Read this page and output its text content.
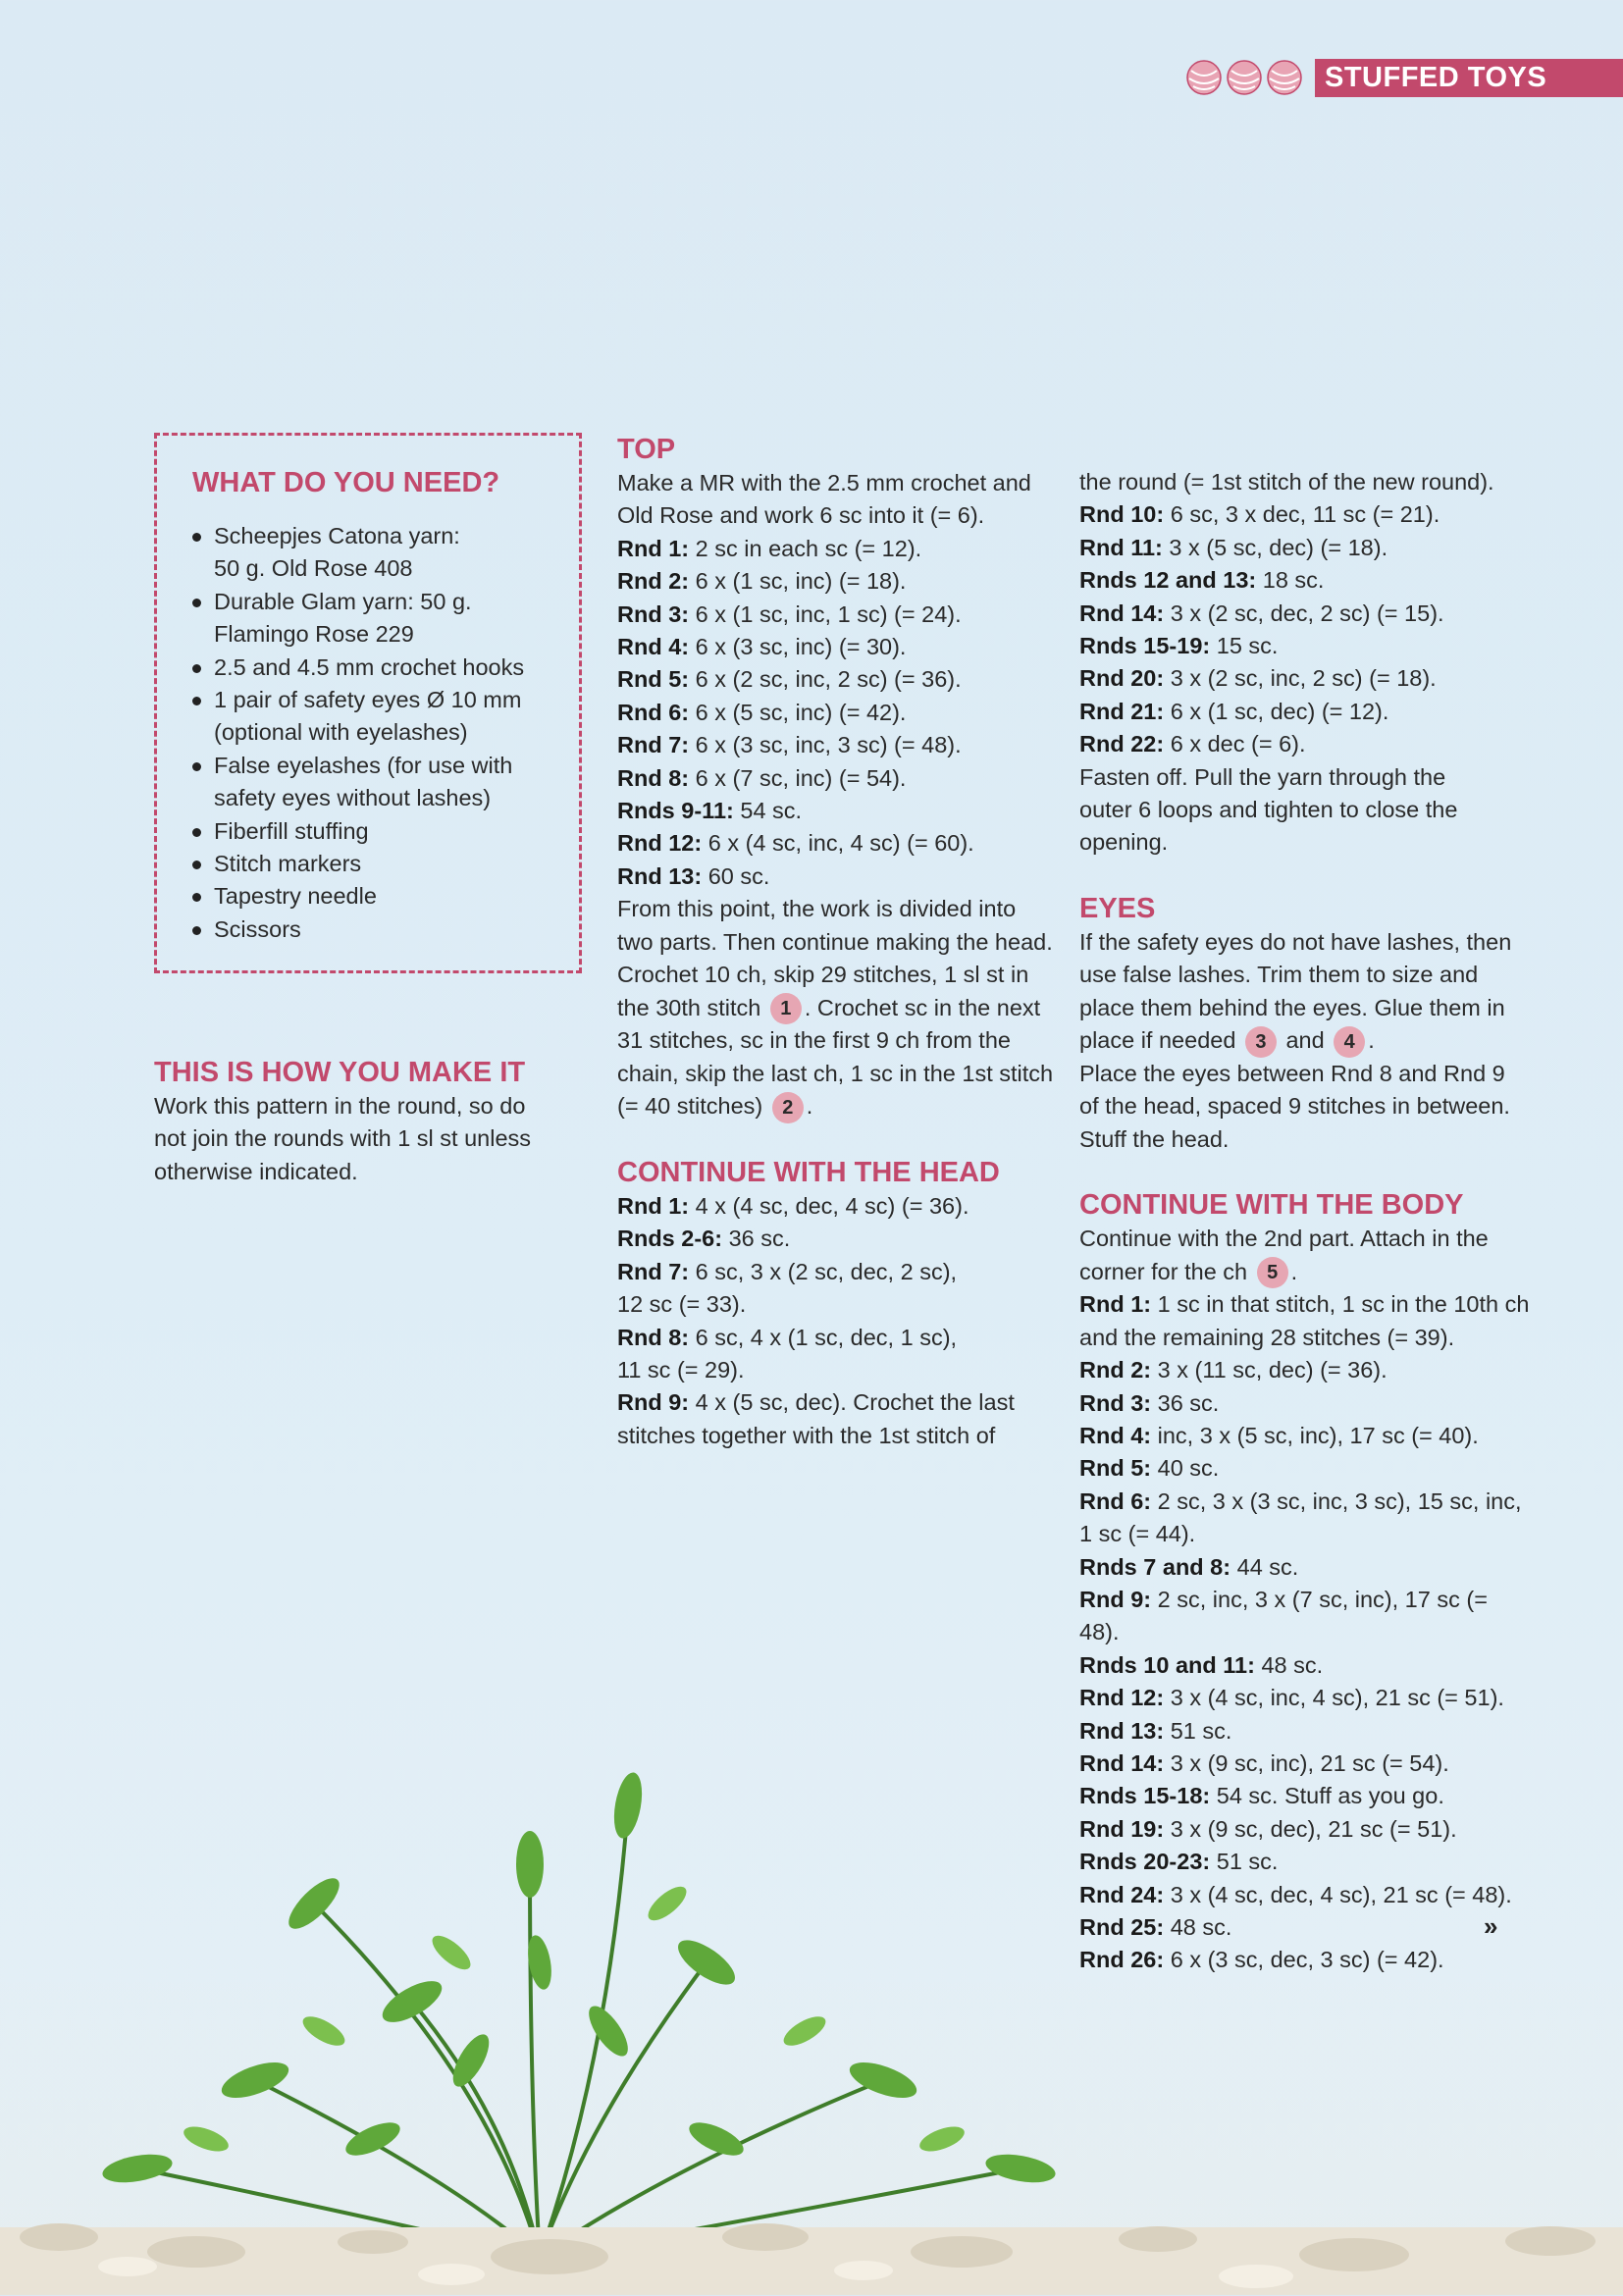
STUFFED TOYS
WHAT DO YOU NEED?
Scheepjes Catona yarn:
50 g. Old Rose 408
Durable Glam yarn: 50 g.
Flamingo Rose 229
2.5 and 4.5 mm crochet hooks
1 pair of safety eyes Ø 10 mm
(optional with eyelashes)
False eyelashes (for use with
safety eyes without lashes)
Fiberfill stuffing
Stitch markers
Tapestry needle
Scissors
THIS IS HOW YOU MAKE IT

Work this pattern in the round, so do
not join the rounds with 1 sl st unless
otherwise indicated.

TOP

Make a MR with the 2.5 mm crochet and
Old Rose and work 6 sc into it (= 6).
Rnd 1: 2 sc in each sc (= 12).
Rnd 2: 6 x (1 sc, inc) (= 18).
Rnd 3: 6 x (1 sc, inc, 1 sc) (= 24).
Rnd 4: 6 x (3 sc, inc) (= 30).
Rnd 5: 6 x (2 sc, inc, 2 sc) (= 36).
Rnd 6: 6 x (5 sc, inc) (= 42).
Rnd 7: 6 x (3 sc, inc, 3 sc) (= 48).
Rnd 8: 6 x (7 sc, inc) (= 54).
Rnds 9-11: 54 sc.
Rnd 12: 6 x (4 sc, inc, 4 sc) (= 60).
Rnd 13: 60 sc.
From this point, the work is divided into
two parts. Then continue making the head.
Crochet 10 ch, skip 29 stitches, 1 sl st in
the 30th stitch 1 . Crochet sc in the next
31 stitches, sc in the first 9 ch from the
chain, skip the last ch, 1 sc in the 1st stitch
(= 40 stitches) 2 .

CONTINUE WITH THE HEAD

Rnd 1: 4 x (4 sc, dec, 4 sc) (= 36).
Rnds 2-6: 36 sc.
Rnd 7: 6 sc, 3 x (2 sc, dec, 2 sc),
12 sc (= 33).
Rnd 8: 6 sc, 4 x (1 sc, dec, 1 sc),
11 sc (= 29).
Rnd 9: 4 x (5 sc, dec). Crochet the last
stitches together with the 1st stitch of

the round (= 1st stitch of the new round).
Rnd 10: 6 sc, 3 x dec, 11 sc (= 21).
Rnd 11: 3 x (5 sc, dec) (= 18).
Rnds 12 and 13: 18 sc.
Rnd 14: 3 x (2 sc, dec, 2 sc) (= 15).
Rnds 15-19: 15 sc.
Rnd 20: 3 x (2 sc, inc, 2 sc) (= 18).
Rnd 21: 6 x (1 sc, dec) (= 12).
Rnd 22: 6 x dec (= 6).
Fasten off. Pull the yarn through the
outer 6 loops and tighten to close the
opening.

EYES

If the safety eyes do not have lashes, then
use false lashes. Trim them to size and
place them behind the eyes. Glue them in
place if needed 3 and 4 .
Place the eyes between Rnd 8 and Rnd 9
of the head, spaced 9 stitches in between.
Stuff the head.

CONTINUE WITH THE BODY

Continue with the 2nd part. Attach in the
corner for the ch 5 .
Rnd 1: 1 sc in that stitch, 1 sc in the 10th ch
and the remaining 28 stitches (= 39).
Rnd 2: 3 x (11 sc, dec) (= 36).
Rnd 3: 36 sc.
Rnd 4: inc, 3 x (5 sc, inc), 17 sc (= 40).
Rnd 5: 40 sc.
Rnd 6: 2 sc, 3 x (3 sc, inc, 3 sc), 15 sc, inc,
1 sc (= 44).
Rnds 7 and 8: 44 sc.
Rnd 9: 2 sc, inc, 3 x (7 sc, inc), 17 sc (= 48).
Rnds 10 and 11: 48 sc.
Rnd 12: 3 x (4 sc, inc, 4 sc), 21 sc (= 51).
Rnd 13: 51 sc.
Rnd 14: 3 x (9 sc, inc), 21 sc (= 54).
Rnds 15-18: 54 sc. Stuff as you go.
Rnd 19: 3 x (9 sc, dec), 21 sc (= 51).
Rnds 20-23: 51 sc.
Rnd 24: 3 x (4 sc, dec, 4 sc), 21 sc (= 48).
Rnd 25: 48 sc.
Rnd 26: 6 x (3 sc, dec, 3 sc) (= 42).

»
